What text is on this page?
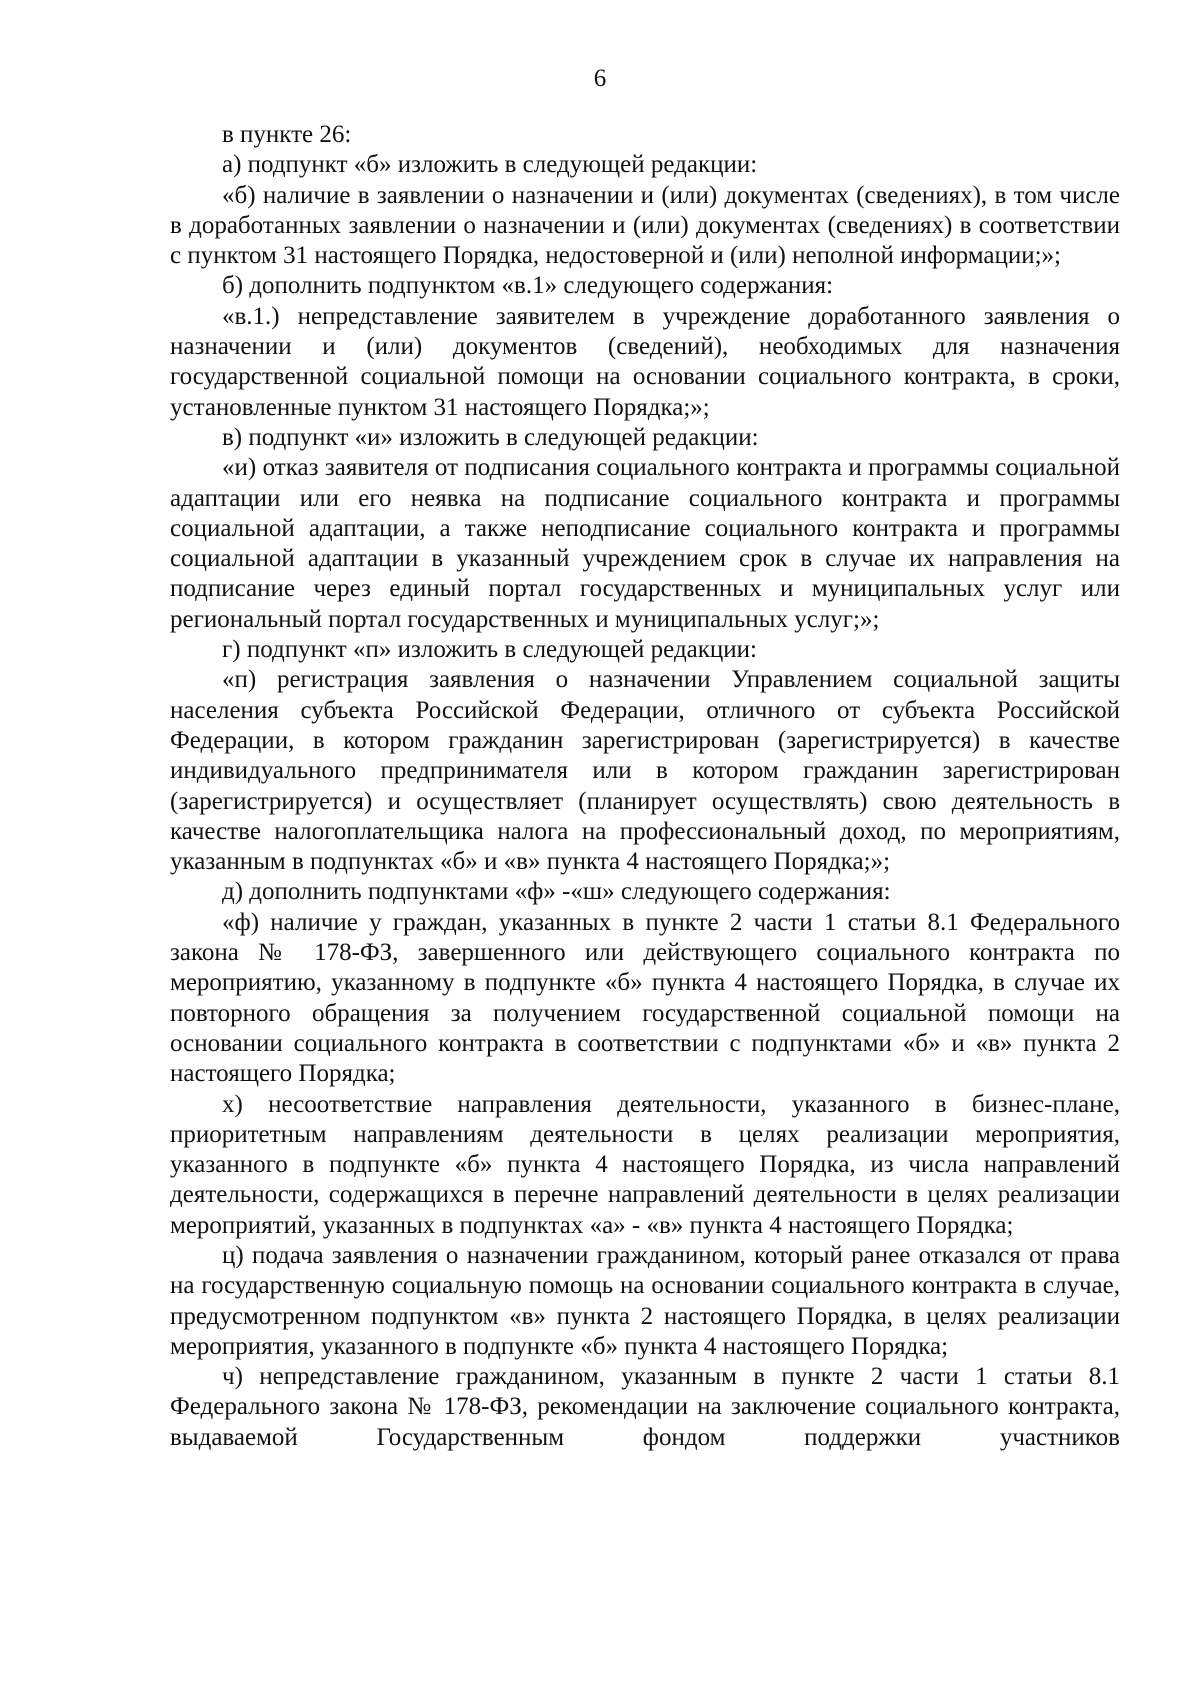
6

в пункте 26:

а) подпункт «б» изложить в следующей редакции:

«б) наличие в заявлении о назначении и (или) документах (сведениях), в том числе в доработанных заявлении о назначении и (или) документах (сведениях) в соответствии с пунктом 31 настоящего Порядка, недостоверной и (или) неполной информации;»;

б) дополнить подпунктом «в.1» следующего содержания:

«в.1.) непредставление заявителем в учреждение доработанного заявления о назначении и (или) документов (сведений), необходимых для назначения государственной социальной помощи на основании социального контракта, в сроки, установленные пунктом 31 настоящего Порядка;»;

в) подпункт «и» изложить в следующей редакции:

«и) отказ заявителя от подписания социального контракта и программы социальной адаптации или его неявка на подписание социального контракта и программы социальной адаптации, а также неподписание социального контракта и программы социальной адаптации в указанный учреждением срок в случае их направления на подписание через единый портал государственных и муниципальных услуг или региональный портал государственных и муниципальных услуг;»;

г) подпункт «п» изложить в следующей редакции:

«п) регистрация заявления о назначении Управлением социальной защиты населения субъекта Российской Федерации, отличного от субъекта Российской Федерации, в котором гражданин зарегистрирован (зарегистрируется) в качестве индивидуального предпринимателя или в котором гражданин зарегистрирован (зарегистрируется) и осуществляет (планирует осуществлять) свою деятельность в качестве налогоплательщика налога на профессиональный доход, по мероприятиям, указанным в подпунктах «б» и «в» пункта 4 настоящего Порядка;»;

д) дополнить подпунктами «ф» -«ш» следующего содержания:

«ф) наличие у граждан, указанных в пункте 2 части 1 статьи 8.1 Федерального закона № 178-ФЗ, завершенного или действующего социального контракта по мероприятию, указанному в подпункте «б» пункта 4 настоящего Порядка, в случае их повторного обращения за получением государственной социальной помощи на основании социального контракта в соответствии с подпунктами «б» и «в» пункта 2 настоящего Порядка;

х) несоответствие направления деятельности, указанного в бизнес-плане, приоритетным направлениям деятельности в целях реализации мероприятия, указанного в подпункте «б» пункта 4 настоящего Порядка, из числа направлений деятельности, содержащихся в перечне направлений деятельности в целях реализации мероприятий, указанных в подпунктах «а» - «в» пункта 4 настоящего Порядка;

ц) подача заявления о назначении гражданином, который ранее отказался от права на государственную социальную помощь на основании социального контракта в случае, предусмотренном подпунктом «в» пункта 2 настоящего Порядка, в целях реализации мероприятия, указанного в подпункте «б» пункта 4 настоящего Порядка;

ч) непредставление гражданином, указанным в пункте 2 части 1 статьи 8.1 Федерального закона № 178-ФЗ, рекомендации на заключение социального контракта, выдаваемой Государственным фондом поддержки участников
